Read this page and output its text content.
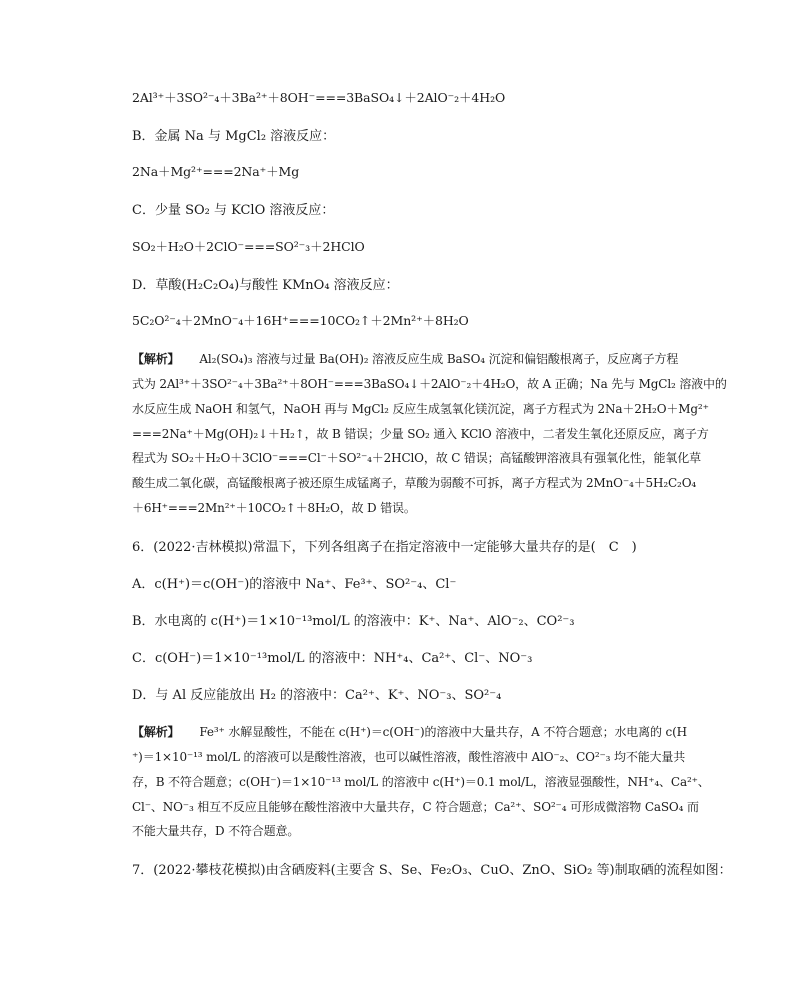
2Al³⁺＋3SO²⁻₄＋3Ba²⁺＋8OH⁻===3BaSO₄↓＋2AlO⁻₂＋4H₂O
B．金属 Na 与 MgCl₂ 溶液反应：
2Na＋Mg²⁺===2Na⁺＋Mg
C．少量 SO₂ 与 KClO 溶液反应：
SO₂＋H₂O＋2ClO⁻===SO²⁻₃＋2HClO
D．草酸(H₂C₂O₄)与酸性 KMnO₄ 溶液反应：
5C₂O²⁻₄＋2MnO⁻₄＋16H⁺===10CO₂↑＋2Mn²⁺＋8H₂O
【解析】 Al₂(SO₄)₃ 溶液与过量 Ba(OH)₂ 溶液反应生成 BaSO₄ 沉淀和偏铝酸根离子，反应离子方程
式为 2Al³⁺＋3SO²⁻₄＋3Ba²⁺＋8OH⁻===3BaSO₄↓＋2AlO⁻₂＋4H₂O，故 A 正确；Na 先与 MgCl₂ 溶液中的
水反应生成 NaOH 和氢气，NaOH 再与 MgCl₂ 反应生成氢氧化镁沉淀，离子方程式为 2Na＋2H₂O＋Mg²⁺
===2Na⁺＋Mg(OH)₂↓＋H₂↑，故 B 错误；少量 SO₂ 通入 KClO 溶液中，二者发生氧化还原反应，离子方
程式为 SO₂＋H₂O＋3ClO⁻===Cl⁻＋SO²⁻₄＋2HClO，故 C 错误；高锰酸钾溶液具有强氧化性，能氧化草
酸生成二氧化碳，高锰酸根离子被还原生成锰离子，草酸为弱酸不可拆，离子方程式为 2MnO⁻₄＋5H₂C₂O₄
＋6H⁺===2Mn²⁺＋10CO₂↑＋8H₂O，故 D 错误。
6．(2022·吉林模拟)常温下，下列各组离子在指定溶液中一定能够大量共存的是(　C　)
A．c(H⁺)＝c(OH⁻)的溶液中 Na⁺、Fe³⁺、SO²⁻₄、Cl⁻
B．水电离的 c(H⁺)＝1×10⁻¹³mol/L 的溶液中：K⁺、Na⁺、AlO⁻₂、CO²⁻₃
C．c(OH⁻)＝1×10⁻¹³mol/L 的溶液中：NH⁺₄、Ca²⁺、Cl⁻、NO⁻₃
D．与 Al 反应能放出 H₂ 的溶液中：Ca²⁺、K⁺、NO⁻₃、SO²⁻₄
【解析】 Fe³⁺ 水解显酸性，不能在 c(H⁺)＝c(OH⁻)的溶液中大量共存，A 不符合题意；水电离的 c(H
⁺)＝1×10⁻¹³ mol/L 的溶液可以是酸性溶液，也可以碱性溶液，酸性溶液中 AlO⁻₂、CO²⁻₃ 均不能大量共
存，B 不符合题意；c(OH⁻)＝1×10⁻¹³ mol/L 的溶液中 c(H⁺)＝0.1 mol/L，溶液显强酸性，NH⁺₄、Ca²⁺、
Cl⁻、NO⁻₃ 相互不反应且能够在酸性溶液中大量共存，C 符合题意；Ca²⁺、SO²⁻₄ 可形成微溶物 CaSO₄ 而
不能大量共存，D 不符合题意。
7．(2022·攀枝花模拟)由含硒废料(主要含 S、Se、Fe₂O₃、CuO、ZnO、SiO₂ 等)制取硒的流程如图：
